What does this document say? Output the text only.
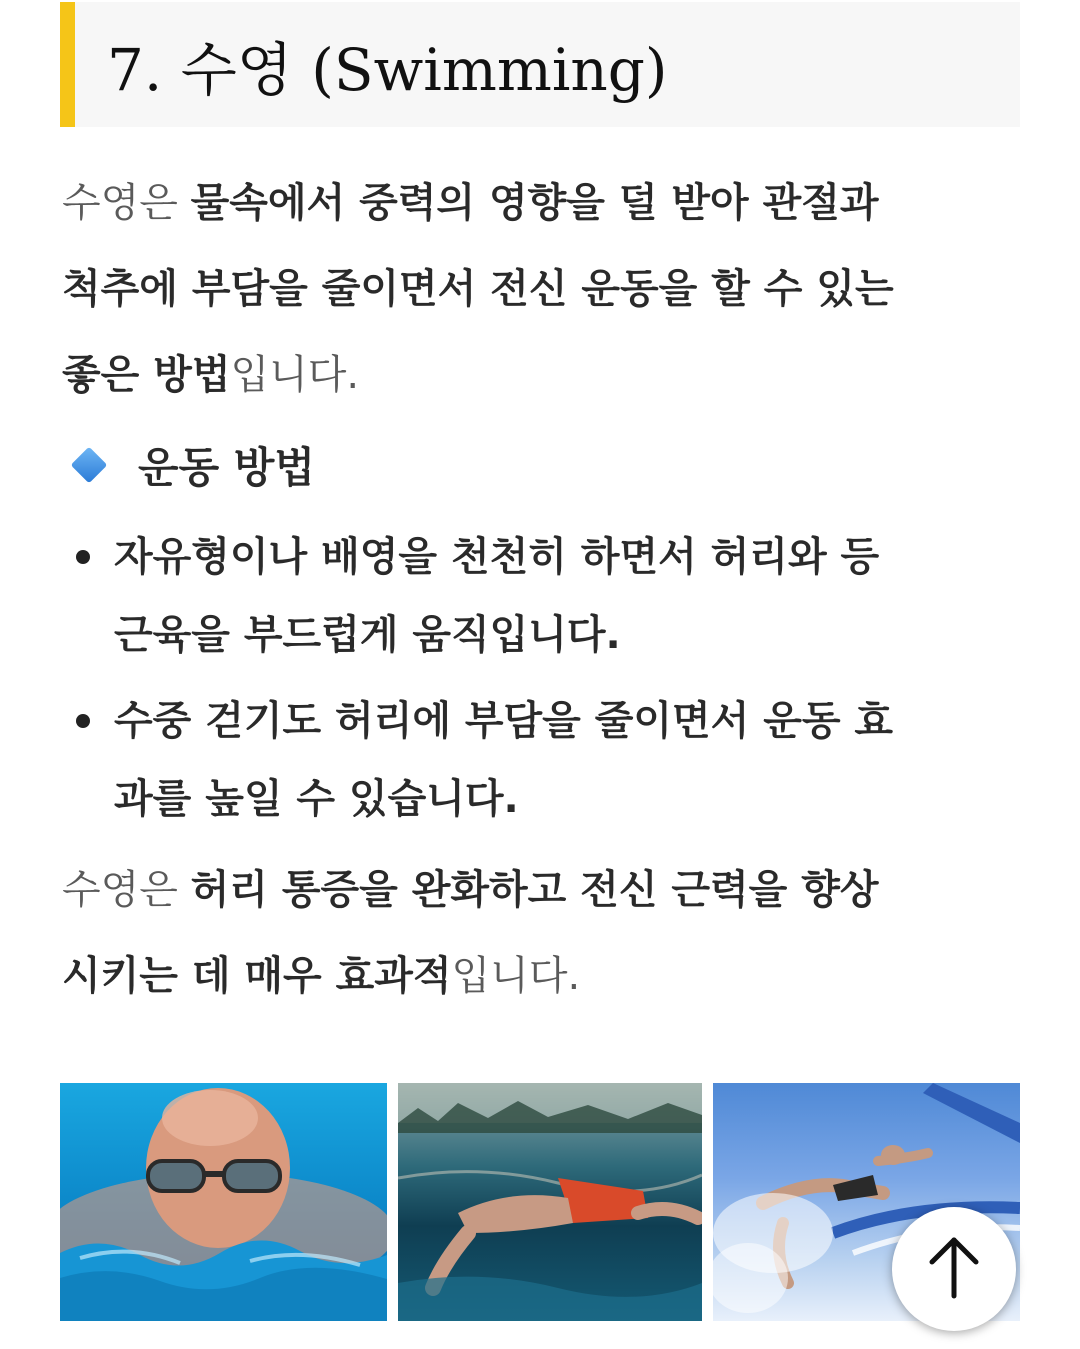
7. 수영 (Swimming)
수영은 물속에서 중력의 영향을 덜 받아 관절과
척추에 부담을 줄이면서 전신 운동을 할 수 있는
좋은 방법입니다.
운동 방법
자유형이나 배영을 천천히 하면서 허리와 등
근육을 부드럽게 움직입니다.
수중 걷기도 허리에 부담을 줄이면서 운동 효
과를 높일 수 있습니다.
수영은 허리 통증을 완화하고 전신 근력을 향상
시키는 데 매우 효과적입니다.
